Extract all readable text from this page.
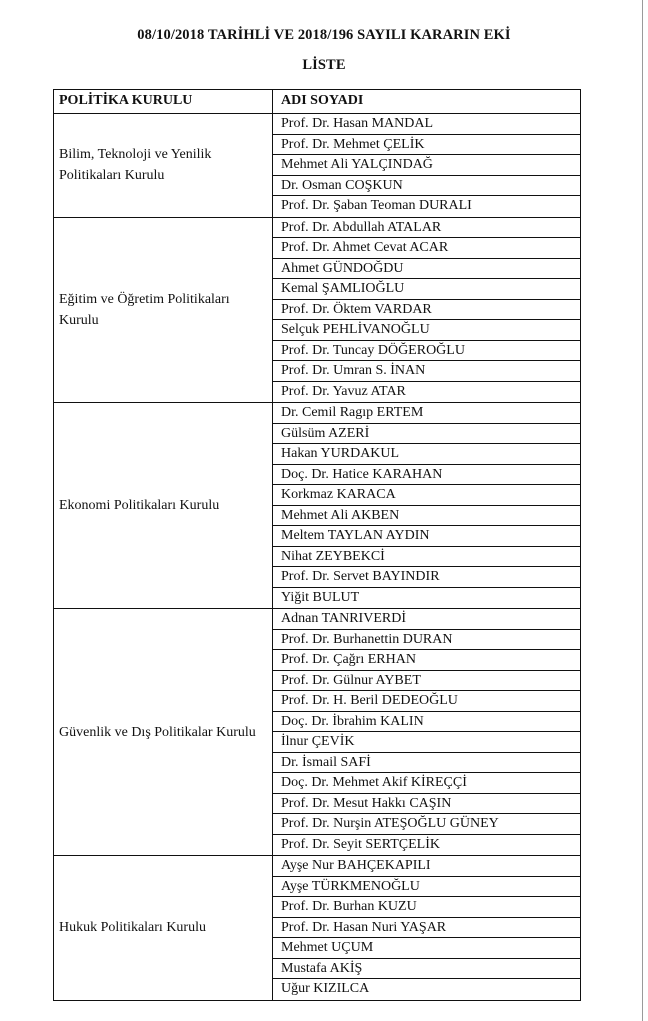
08/10/2018 TARİHLİ VE 2018/196 SAYILI KARARIN EKİ
LİSTE
POLİTİKA KURULU	ADI SOYADI
Bilim, Teknoloji ve Yenilik Politikaları Kurulu
Prof. Dr. Hasan MANDAL
Prof. Dr. Mehmet ÇELİK
Mehmet Ali YALÇINDAĞ
Dr. Osman COŞKUN
Prof. Dr. Şaban Teoman DURALI
Eğitim ve Öğretim Politikaları Kurulu
Prof. Dr. Abdullah ATALAR
Prof. Dr. Ahmet Cevat ACAR
Ahmet GÜNDOĞDU
Kemal ŞAMLIOĞLU
Prof. Dr. Öktem VARDAR
Selçuk PEHLİVANOĞLU
Prof. Dr. Tuncay DÖĞEROĞLU
Prof. Dr. Umran S. İNAN
Prof. Dr. Yavuz ATAR
Ekonomi Politikaları Kurulu
Dr. Cemil Ragıp ERTEM
Gülsüm AZERİ
Hakan YURDAKUL
Doç. Dr. Hatice KARAHAN
Korkmaz KARACA
Mehmet Ali AKBEN
Meltem TAYLAN AYDIN
Nihat ZEYBEKCİ
Prof. Dr. Servet BAYINDIR
Yiğit BULUT
Güvenlik ve Dış Politikalar Kurulu
Adnan TANRIVERDİ
Prof. Dr. Burhanettin DURAN
Prof. Dr. Çağrı ERHAN
Prof. Dr. Gülnur AYBET
Prof. Dr. H. Beril DEDEOĞLU
Doç. Dr. İbrahim KALIN
İlnur ÇEVİK
Dr. İsmail SAFİ
Doç. Dr. Mehmet Akif KİREÇÇİ
Prof. Dr. Mesut Hakkı CAŞIN
Prof. Dr. Nurşin ATEŞOĞLU GÜNEY
Prof. Dr. Seyit SERTÇELİK
Hukuk Politikaları Kurulu
Ayşe Nur BAHÇEKAPILI
Ayşe TÜRKMENOĞLU
Prof. Dr. Burhan KUZU
Prof. Dr. Hasan Nuri YAŞAR
Mehmet UÇUM
Mustafa AKİŞ
Uğur KIZILCA
